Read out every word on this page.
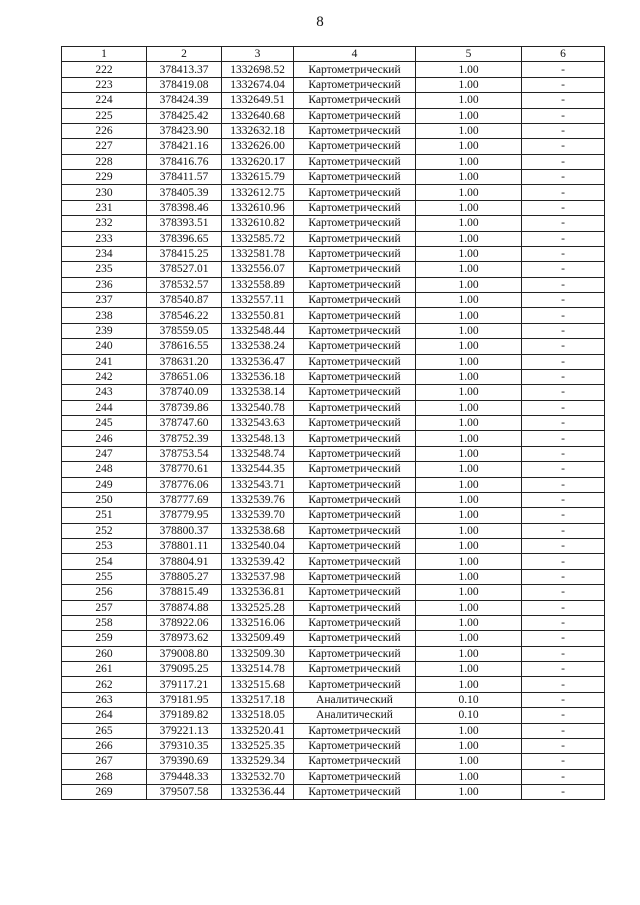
8
1	2	3	4	5	6
222	378413.37	1332698.52	Картометрический	1.00	-
223	378419.08	1332674.04	Картометрический	1.00	-
224	378424.39	1332649.51	Картометрический	1.00	-
225	378425.42	1332640.68	Картометрический	1.00	-
226	378423.90	1332632.18	Картометрический	1.00	-
227	378421.16	1332626.00	Картометрический	1.00	-
228	378416.76	1332620.17	Картометрический	1.00	-
229	378411.57	1332615.79	Картометрический	1.00	-
230	378405.39	1332612.75	Картометрический	1.00	-
231	378398.46	1332610.96	Картометрический	1.00	-
232	378393.51	1332610.82	Картометрический	1.00	-
233	378396.65	1332585.72	Картометрический	1.00	-
234	378415.25	1332581.78	Картометрический	1.00	-
235	378527.01	1332556.07	Картометрический	1.00	-
236	378532.57	1332558.89	Картометрический	1.00	-
237	378540.87	1332557.11	Картометрический	1.00	-
238	378546.22	1332550.81	Картометрический	1.00	-
239	378559.05	1332548.44	Картометрический	1.00	-
240	378616.55	1332538.24	Картометрический	1.00	-
241	378631.20	1332536.47	Картометрический	1.00	-
242	378651.06	1332536.18	Картометрический	1.00	-
243	378740.09	1332538.14	Картометрический	1.00	-
244	378739.86	1332540.78	Картометрический	1.00	-
245	378747.60	1332543.63	Картометрический	1.00	-
246	378752.39	1332548.13	Картометрический	1.00	-
247	378753.54	1332548.74	Картометрический	1.00	-
248	378770.61	1332544.35	Картометрический	1.00	-
249	378776.06	1332543.71	Картометрический	1.00	-
250	378777.69	1332539.76	Картометрический	1.00	-
251	378779.95	1332539.70	Картометрический	1.00	-
252	378800.37	1332538.68	Картометрический	1.00	-
253	378801.11	1332540.04	Картометрический	1.00	-
254	378804.91	1332539.42	Картометрический	1.00	-
255	378805.27	1332537.98	Картометрический	1.00	-
256	378815.49	1332536.81	Картометрический	1.00	-
257	378874.88	1332525.28	Картометрический	1.00	-
258	378922.06	1332516.06	Картометрический	1.00	-
259	378973.62	1332509.49	Картометрический	1.00	-
260	379008.80	1332509.30	Картометрический	1.00	-
261	379095.25	1332514.78	Картометрический	1.00	-
262	379117.21	1332515.68	Картометрический	1.00	-
263	379181.95	1332517.18	Аналитический	0.10	-
264	379189.82	1332518.05	Аналитический	0.10	-
265	379221.13	1332520.41	Картометрический	1.00	-
266	379310.35	1332525.35	Картометрический	1.00	-
267	379390.69	1332529.34	Картометрический	1.00	-
268	379448.33	1332532.70	Картометрический	1.00	-
269	379507.58	1332536.44	Картометрический	1.00	-
